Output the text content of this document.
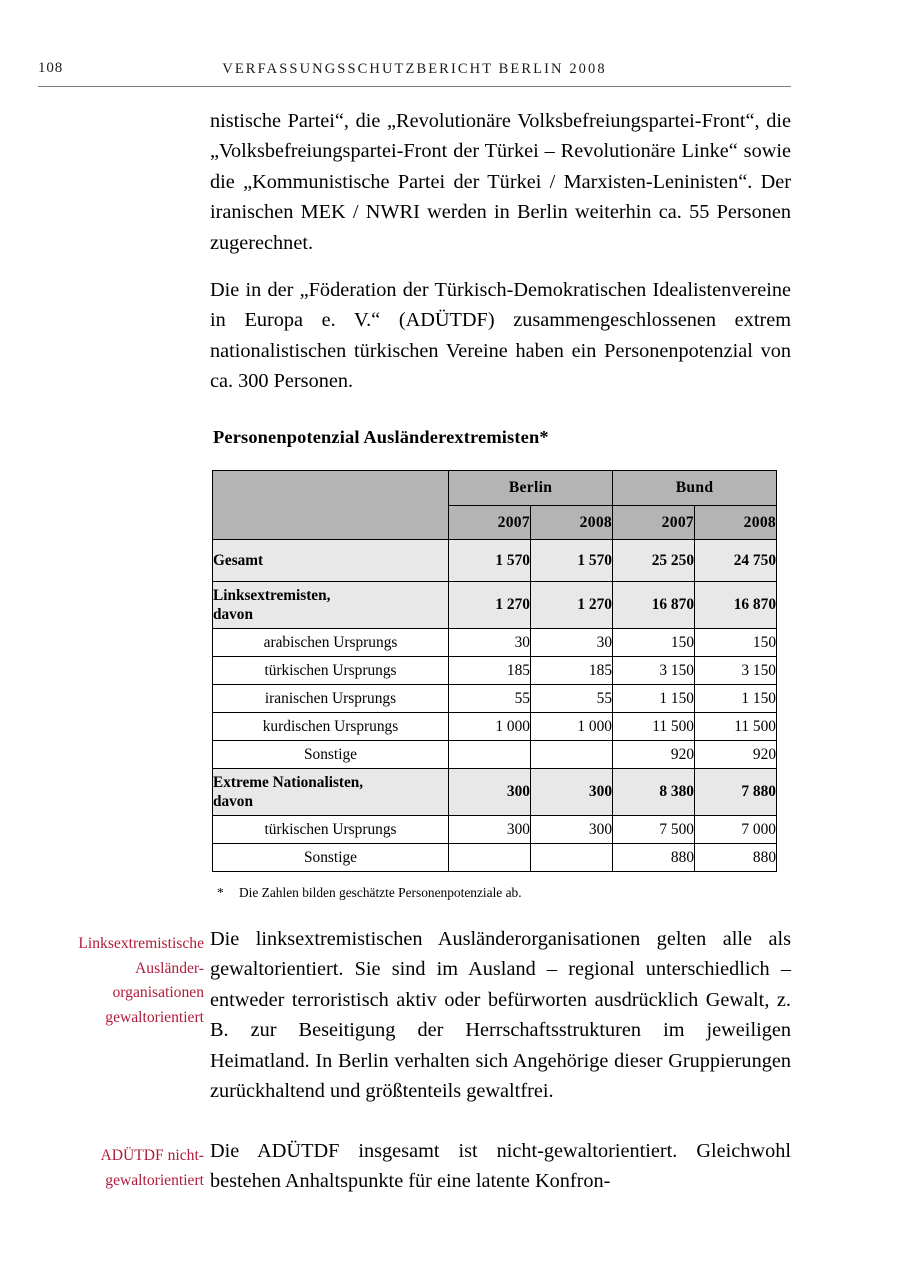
108	VERFASSUNGSSCHUTZBERICHT BERLIN 2008

nistische Partei“, die „Revolutionäre Volksbefreiungspartei-Front“, die „Volksbefreiungspartei-Front der Türkei – Revolutionäre Linke“ sowie die „Kommunistische Partei der Türkei / Marxisten-Leninisten“. Der iranischen MEK / NWRI werden in Berlin weiterhin ca. 55 Personen zugerechnet.

Die in der „Föderation der Türkisch-Demokratischen Idealistenvereine in Europa e. V.“ (ADÜTDF) zusammengeschlossenen extrem nationalistischen türkischen Vereine haben ein Personenpotenzial von ca. 300 Personen.

Personenpotenzial Ausländerextremisten*
	Berlin		Bund	
	2007	2008	2007	2008
Gesamt	1 570	1 570	25 250	24 750
Linksextremisten,
davon	1 270	1 270	16 870	16 870
arabischen Ursprungs	30	30	150	150
türkischen Ursprungs	185	185	3 150	3 150
iranischen Ursprungs	55	55	1 150	1 150
kurdischen Ursprungs	1 000	1 000	11 500	11 500
Sonstige			920	920
Extreme Nationalisten,
davon	300	300	8 380	7 880
türkischen Ursprungs	300	300	7 500	7 000
Sonstige			880	880
* Die Zahlen bilden geschätzte Personenpotenziale ab.
Linksextremistische
Ausländer-
organisationen
gewaltorientiert

Die linksextremistischen Ausländerorganisationen gelten alle als gewaltorientiert. Sie sind im Ausland – regional unterschiedlich – entweder terroristisch aktiv oder befürworten ausdrücklich Gewalt, z. B. zur Beseitigung der Herrschaftsstrukturen im jeweiligen Heimatland. In Berlin verhalten sich Angehörige dieser Gruppierungen zurückhaltend und größtenteils gewaltfrei.

ADÜTDF nicht-
gewaltorientiert

Die ADÜTDF insgesamt ist nicht-gewaltorientiert. Gleichwohl bestehen Anhaltspunkte für eine latente Konfron-
